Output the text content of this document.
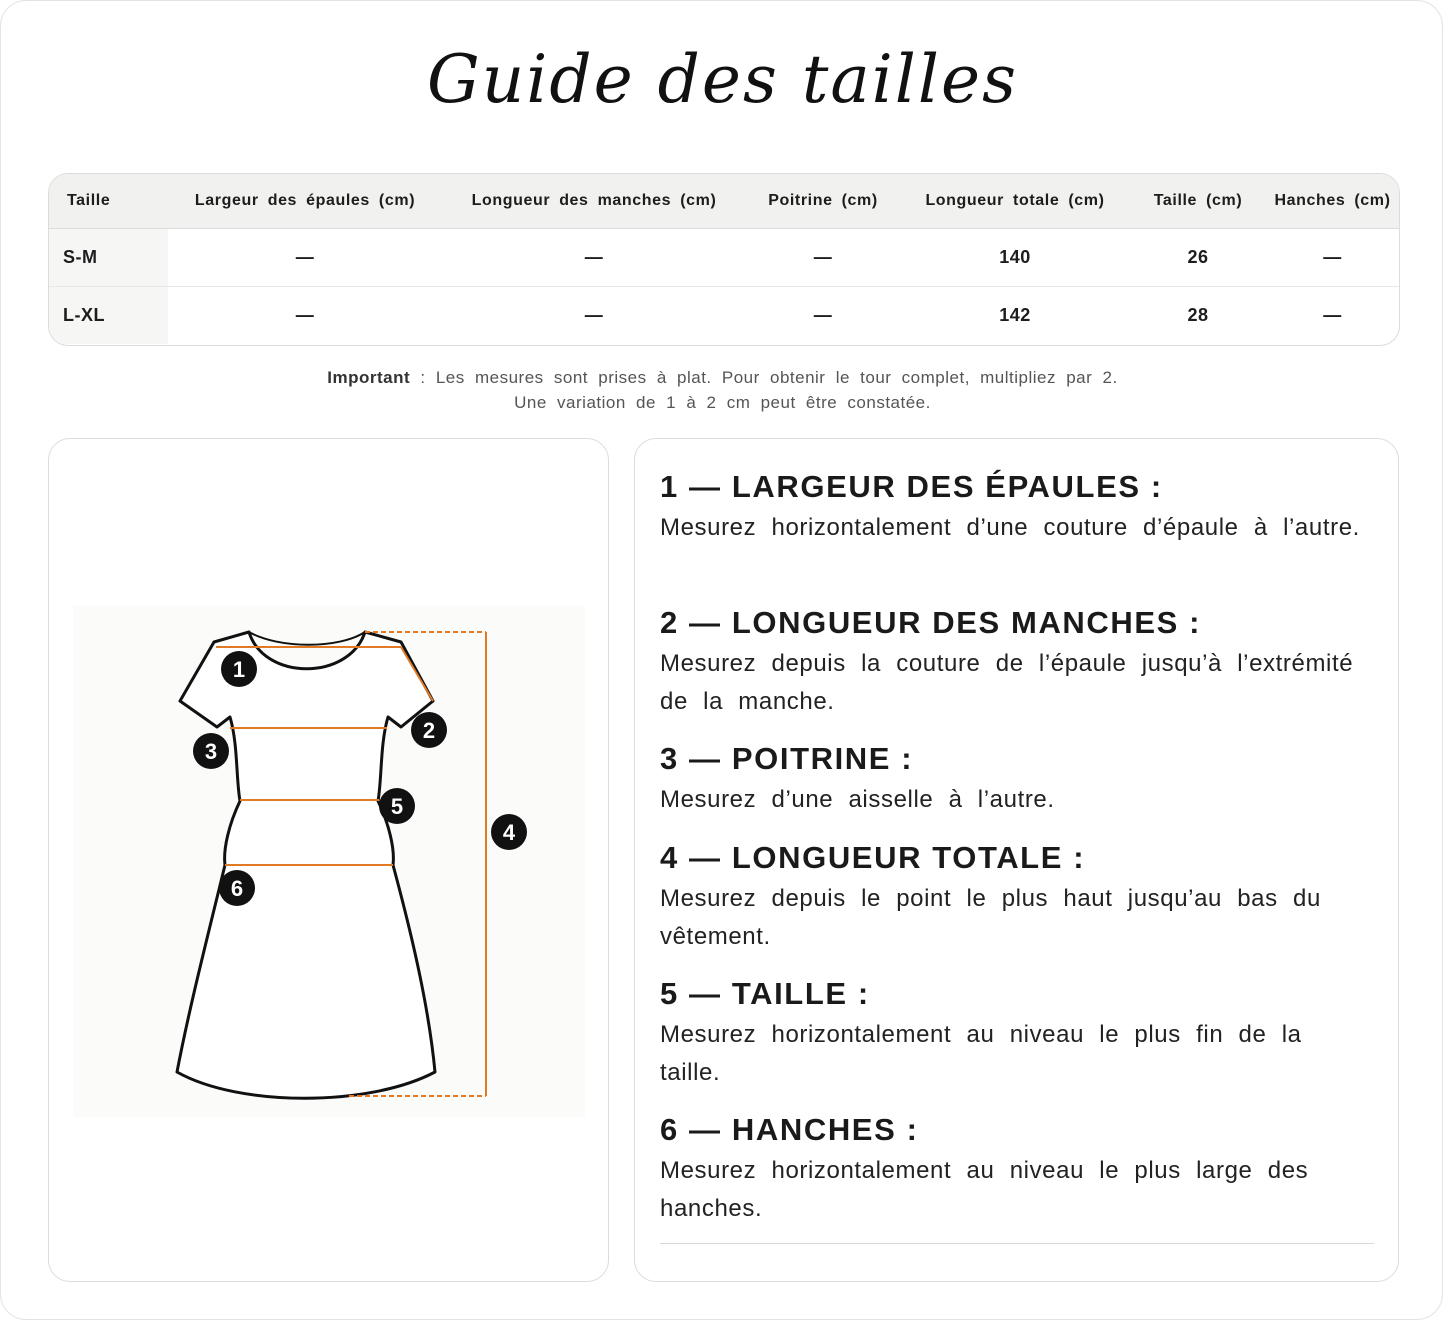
Guide des tailles
Taille	Largeur des épaules (cm)	Longueur des manches (cm)	Poitrine (cm)	Longueur totale (cm)	Taille (cm)	Hanches (cm)
S-M	—	—	—	140	26	—
L-XL	—	—	—	142	28	—
Important : Les mesures sont prises à plat. Pour obtenir le tour complet, multipliez par 2.
Une variation de 1 à 2 cm peut être constatée.
1
2
3
4
5
6
1 — LARGEUR DES ÉPAULES :
Mesurez horizontalement d’une couture d’épaule à l’autre.
2 — LONGUEUR DES MANCHES :
Mesurez depuis la couture de l’épaule jusqu’à l’extrémité de la manche.
3 — POITRINE :
Mesurez d’une aisselle à l’autre.
4 — LONGUEUR TOTALE :
Mesurez depuis le point le plus haut jusqu’au bas du vêtement.
5 — TAILLE :
Mesurez horizontalement au niveau le plus fin de la taille.
6 — HANCHES :
Mesurez horizontalement au niveau le plus large des hanches.
